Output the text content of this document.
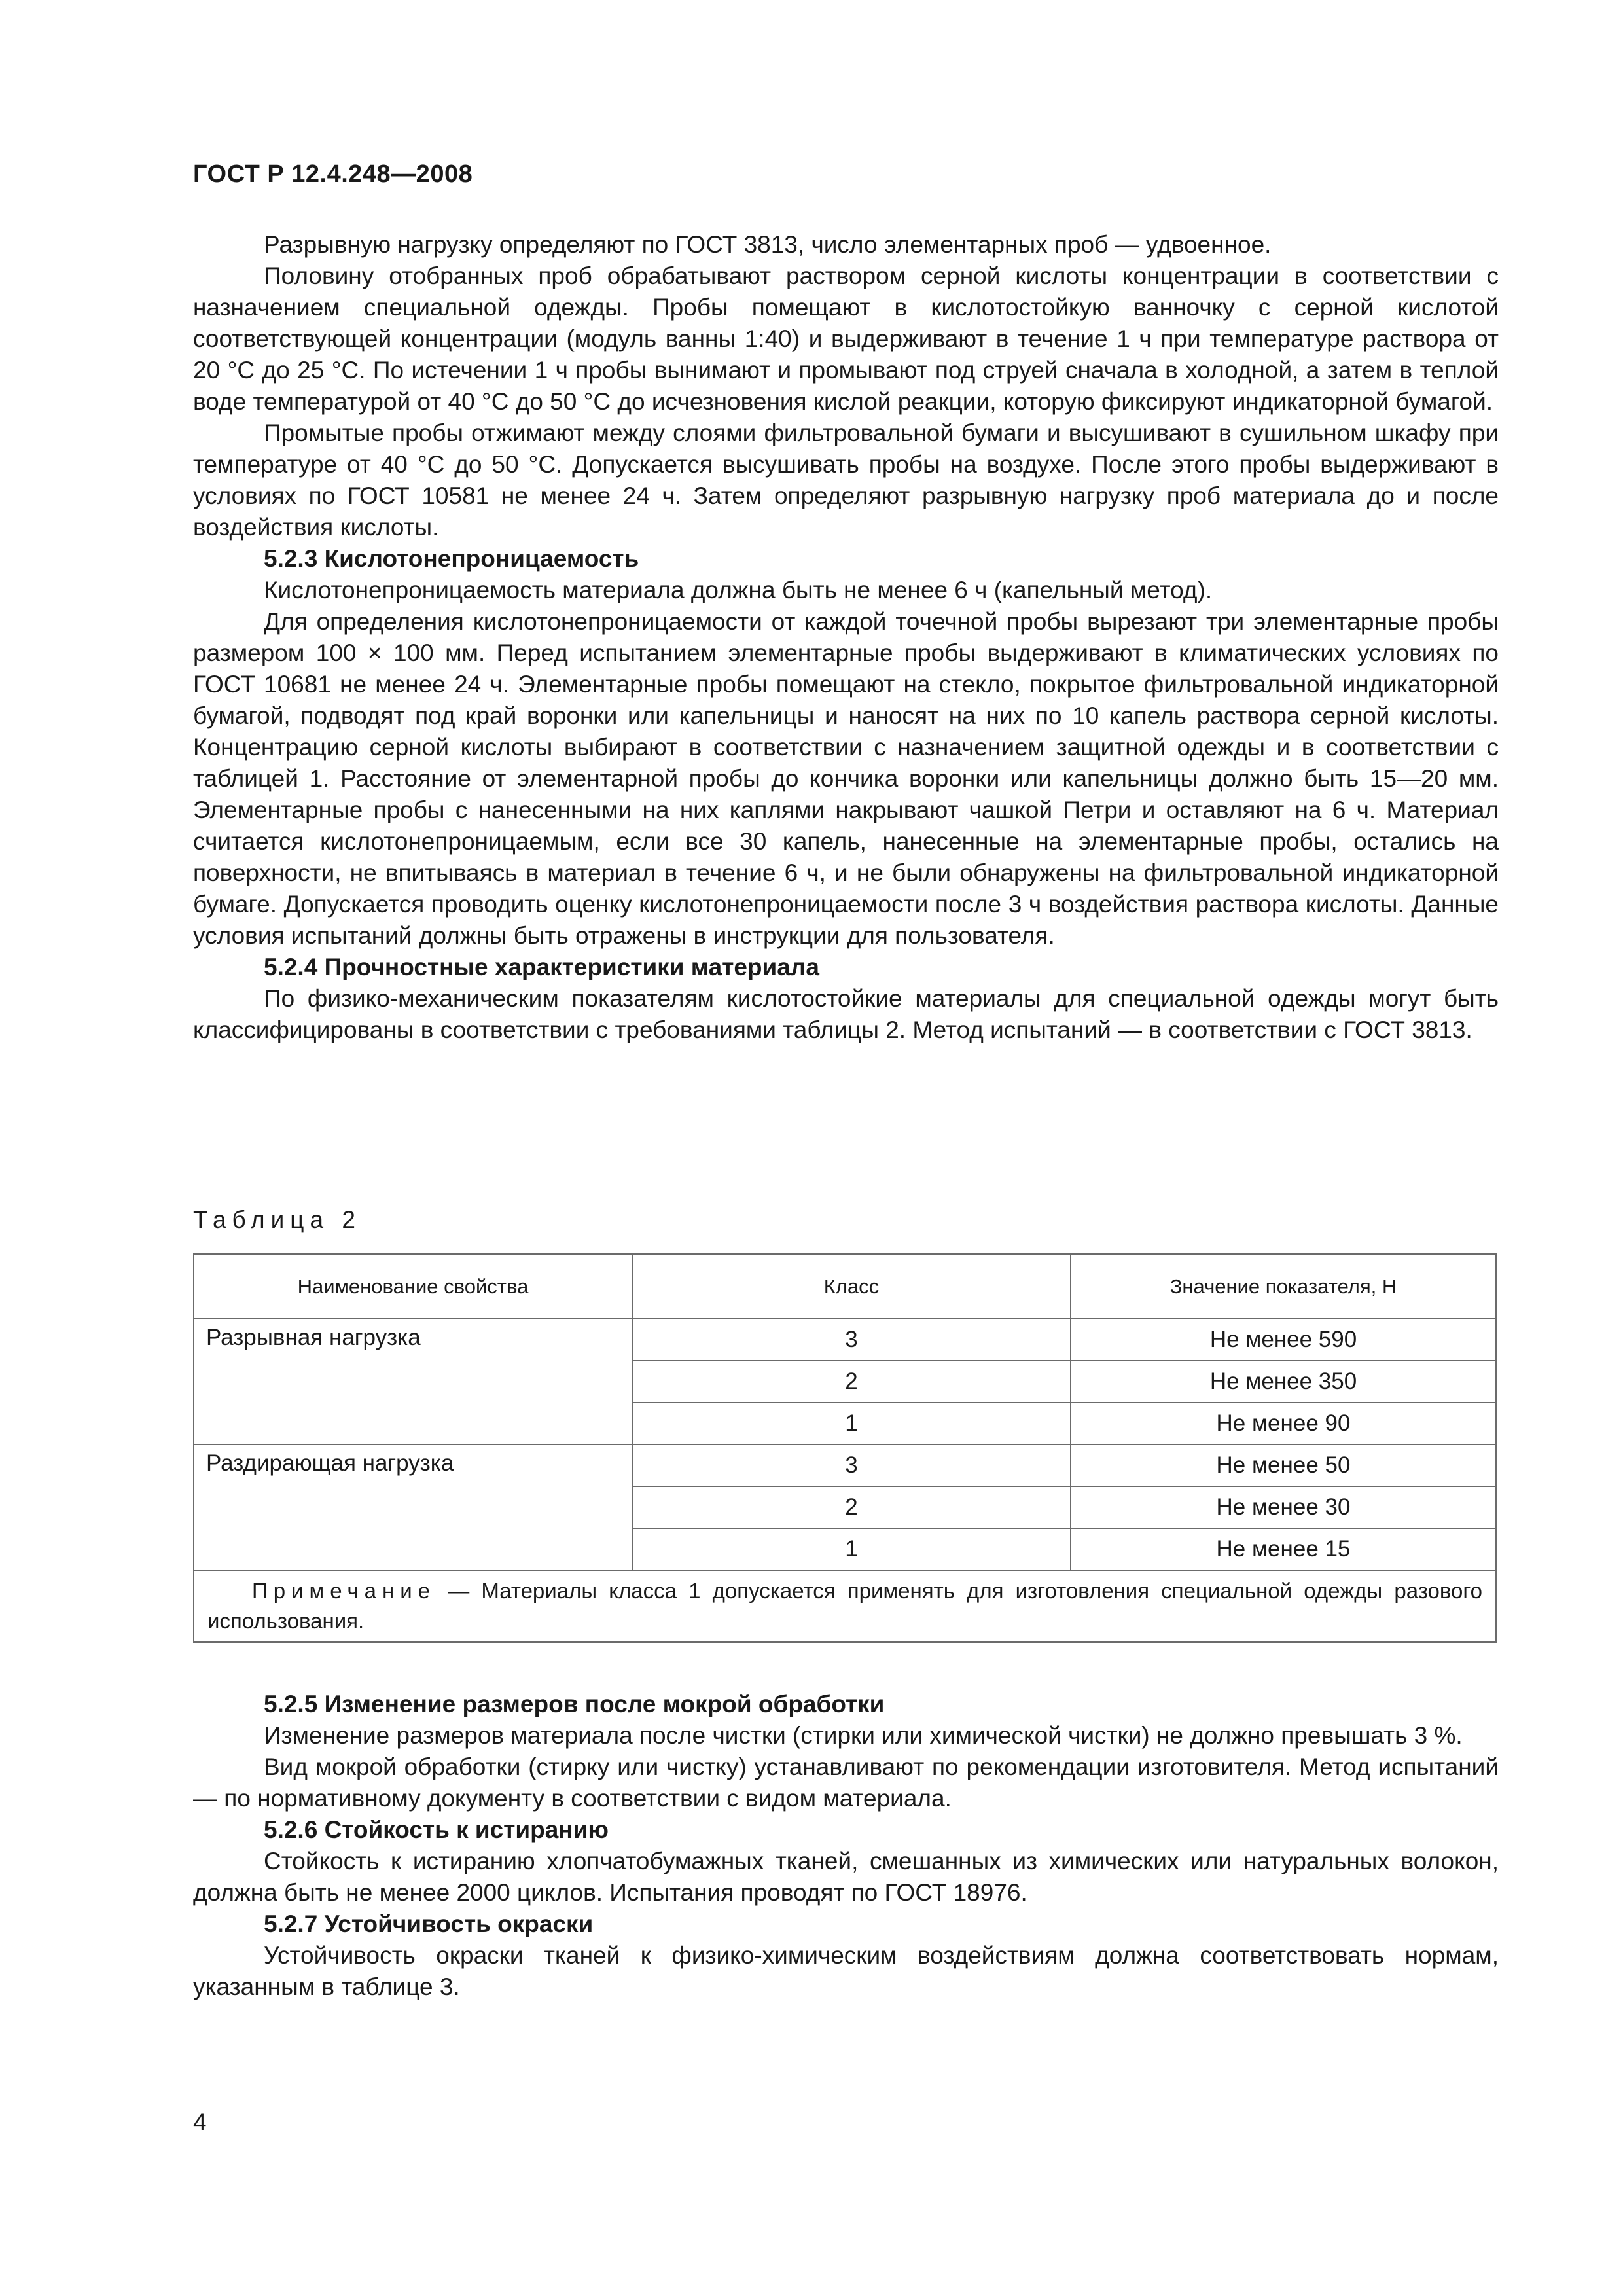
ГОСТ Р 12.4.248—2008

Разрывную нагрузку определяют по ГОСТ 3813, число элементарных проб — удвоенное.

Половину отобранных проб обрабатывают раствором серной кислоты концентрации в соответствии с назначением специальной одежды. Пробы помещают в кислотостойкую ванночку с серной кислотой соответствующей концентрации (модуль ванны 1:40) и выдерживают в течение 1 ч при температуре раствора от 20 °С до 25 °С. По истечении 1 ч пробы вынимают и промывают под струей сначала в холодной, а затем в теплой воде температурой от 40 °С до 50 °С до исчезновения кислой реакции, которую фиксируют индикаторной бумагой.

Промытые пробы отжимают между слоями фильтровальной бумаги и высушивают в сушильном шкафу при температуре от 40 °С до 50 °С. Допускается высушивать пробы на воздухе. После этого пробы выдерживают в условиях по ГОСТ 10581 не менее 24 ч. Затем определяют разрывную нагрузку проб материала до и после воздействия кислоты.

5.2.3 Кислотонепроницаемость

Кислотонепроницаемость материала должна быть не менее 6 ч (капельный метод).

Для определения кислотонепроницаемости от каждой точечной пробы вырезают три элементарные пробы размером 100 × 100 мм. Перед испытанием элементарные пробы выдерживают в климатических условиях по ГОСТ 10681 не менее 24 ч. Элементарные пробы помещают на стекло, покрытое фильтровальной индикаторной бумагой, подводят под край воронки или капельницы и наносят на них по 10 капель раствора серной кислоты. Концентрацию серной кислоты выбирают в соответствии с назначением защитной одежды и в соответствии с таблицей 1. Расстояние от элементарной пробы до кончика воронки или капельницы должно быть 15—20 мм. Элементарные пробы с нанесенными на них каплями накрывают чашкой Петри и оставляют на 6 ч. Материал считается кислотонепроницаемым, если все 30 капель, нанесенные на элементарные пробы, остались на поверхности, не впитываясь в материал в течение 6 ч, и не были обнаружены на фильтровальной индикаторной бумаге. Допускается проводить оценку кислотонепроницаемости после 3 ч воздействия раствора кислоты. Данные условия испытаний должны быть отражены в инструкции для пользователя.

5.2.4 Прочностные характеристики материала

По физико-механическим показателям кислотостойкие материалы для специальной одежды могут быть классифицированы в соответствии с требованиями таблицы 2. Метод испытаний — в соответствии с ГОСТ 3813.

Таблица 2
Наименование свойства	Класс	Значение показателя, Н
Разрывная нагрузка	3	Не менее 590
	2	Не менее 350
	1	Не менее 90
Раздирающая нагрузка	3	Не менее 50
	2	Не менее 30
	1	Не менее 15
Примечание — Материалы класса 1 допускается применять для изготовления специальной одежды разового использования.		

5.2.5 Изменение размеров после мокрой обработки

Изменение размеров материала после чистки (стирки или химической чистки) не должно превышать 3 %.

Вид мокрой обработки (стирку или чистку) устанавливают по рекомендации изготовителя. Метод испытаний — по нормативному документу в соответствии с видом материала.

5.2.6 Стойкость к истиранию

Стойкость к истиранию хлопчатобумажных тканей, смешанных из химических или натуральных волокон, должна быть не менее 2000 циклов. Испытания проводят по ГОСТ 18976.

5.2.7 Устойчивость окраски

Устойчивость окраски тканей к физико-химическим воздействиям должна соответствовать нормам, указанным в таблице 3.

4
